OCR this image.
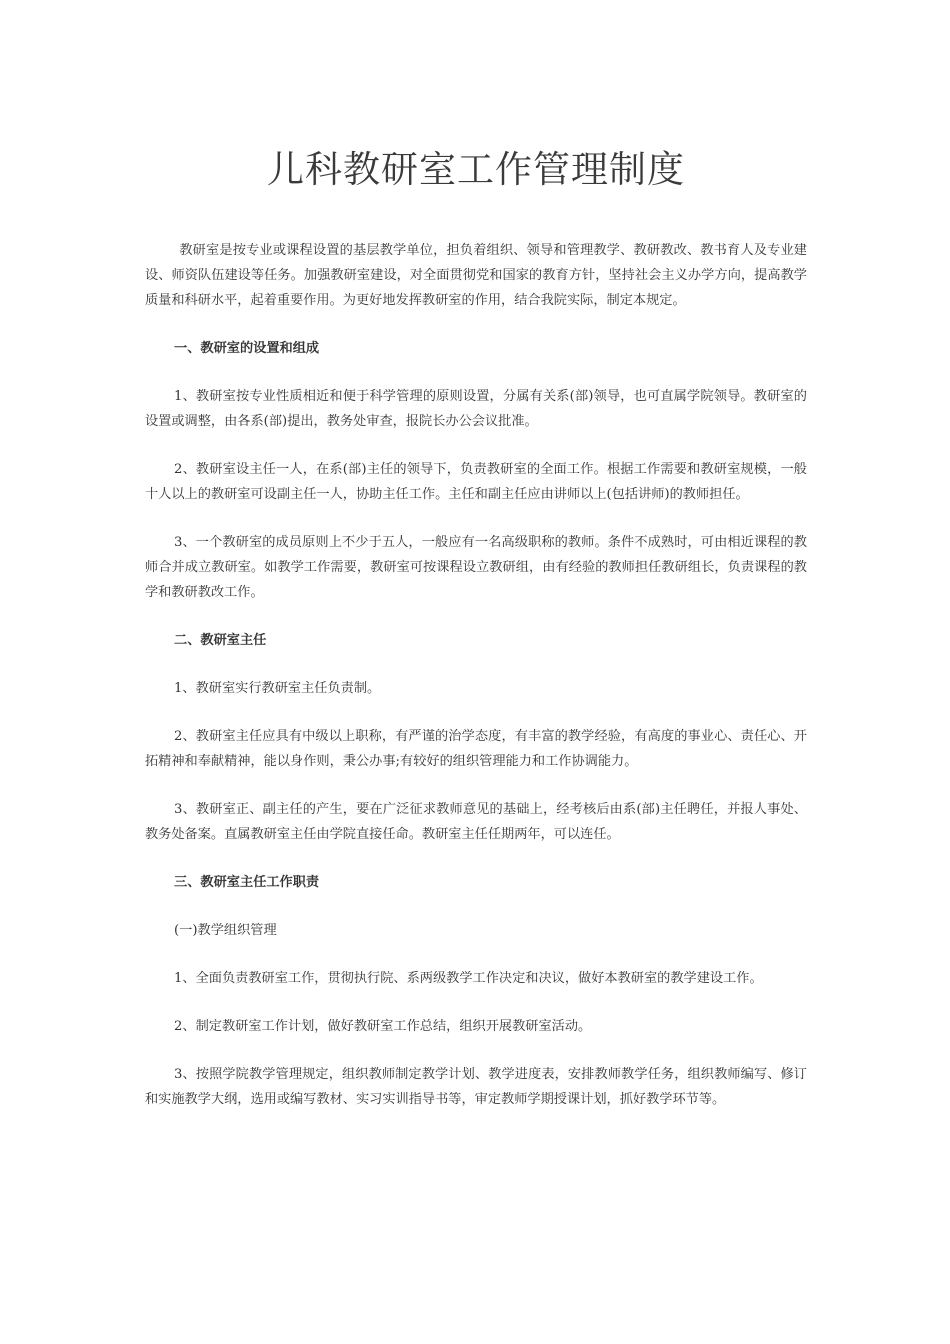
儿科教研室工作管理制度

教研室是按专业或课程设置的基层教学单位，担负着组织、领导和管理教学、教研教改、教书育人及专业建设、师资队伍建设等任务。加强教研室建设，对全面贯彻党和国家的教育方针，坚持社会主义办学方向，提高教学质量和科研水平，起着重要作用。为更好地发挥教研室的作用，结合我院实际，制定本规定。

一、教研室的设置和组成

1、教研室按专业性质相近和便于科学管理的原则设置，分属有关系(部)领导，也可直属学院领导。教研室的设置或调整，由各系(部)提出，教务处审查，报院长办公会议批准。

2、教研室设主任一人，在系(部)主任的领导下，负责教研室的全面工作。根据工作需要和教研室规模，一般十人以上的教研室可设副主任一人，协助主任工作。主任和副主任应由讲师以上(包括讲师)的教师担任。

3、一个教研室的成员原则上不少于五人，一般应有一名高级职称的教师。条件不成熟时，可由相近课程的教师合并成立教研室。如教学工作需要，教研室可按课程设立教研组，由有经验的教师担任教研组长，负责课程的教学和教研教改工作。

二、教研室主任

1、教研室实行教研室主任负责制。

2、教研室主任应具有中级以上职称，有严谨的治学态度，有丰富的教学经验，有高度的事业心、责任心、开拓精神和奉献精神，能以身作则，秉公办事;有较好的组织管理能力和工作协调能力。

3、教研室正、副主任的产生，要在广泛征求教师意见的基础上，经考核后由系(部)主任聘任，并报人事处、教务处备案。直属教研室主任由学院直接任命。教研室主任任期两年，可以连任。

三、教研室主任工作职责

(一)教学组织管理

1、全面负责教研室工作，贯彻执行院、系两级教学工作决定和决议，做好本教研室的教学建设工作。

2、制定教研室工作计划，做好教研室工作总结，组织开展教研室活动。

3、按照学院教学管理规定，组织教师制定教学计划、教学进度表，安排教师教学任务，组织教师编写、修订和实施教学大纲，选用或编写教材、实习实训指导书等，审定教师学期授课计划，抓好教学环节等。
